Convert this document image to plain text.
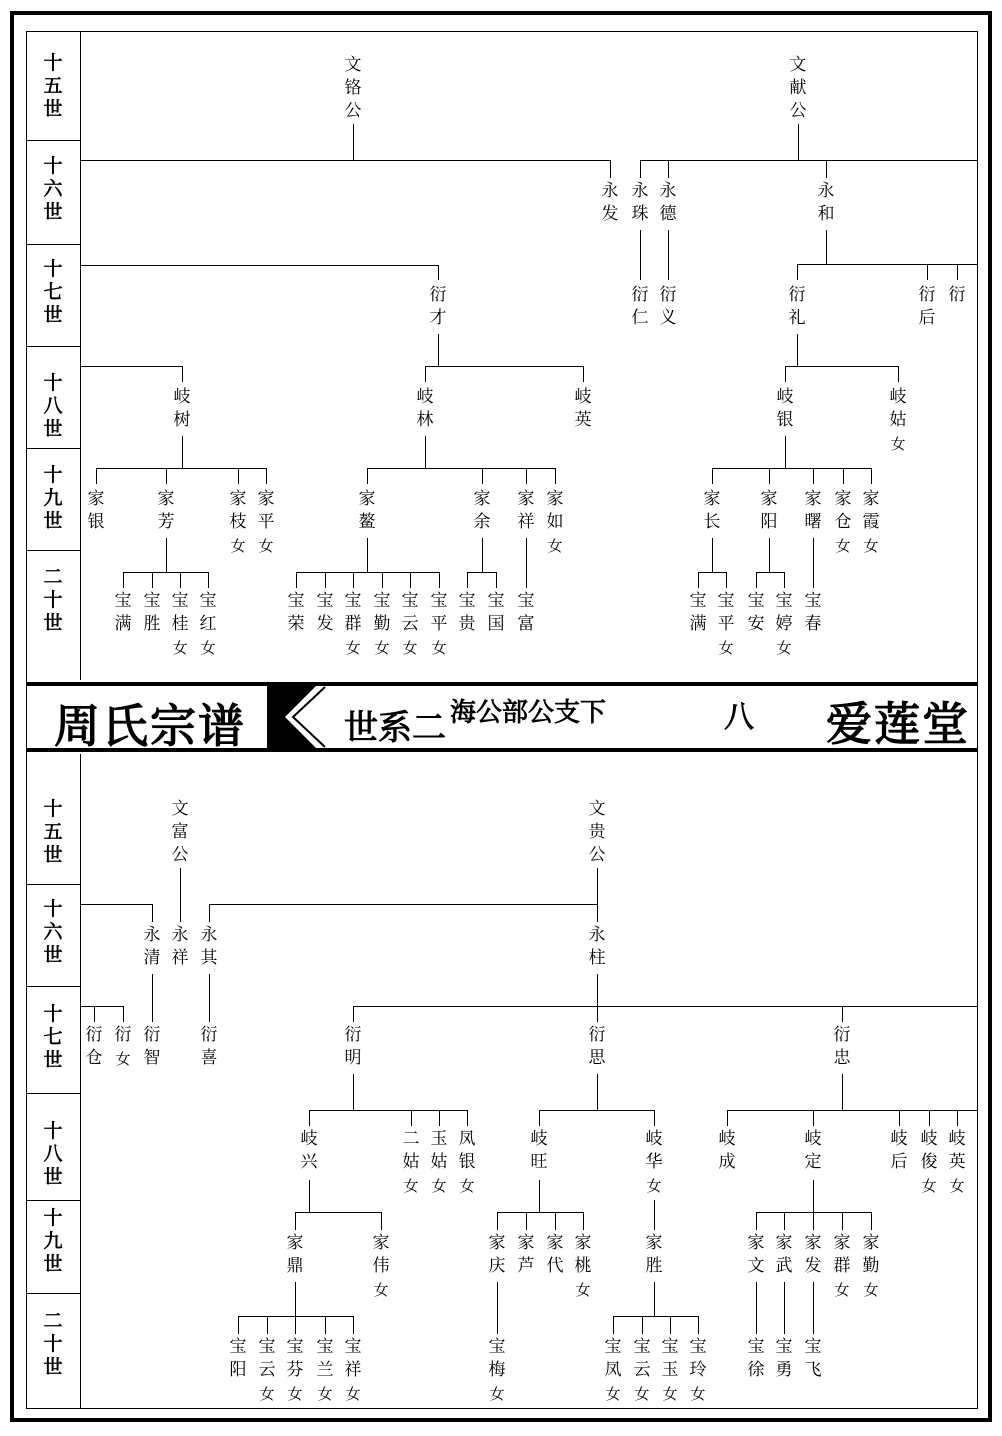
周氏宗谱	世系二 海公部公支下	八 爱莲堂
十
五
世
十
六
世
十
七
世
十
八
世
十
九
世
二
十
世
十
五
世
十
六
世
十
七
世
十
八
世
十
九
世
二
十
世
文
铬
公
文
献
公
永
发
永
珠
永
德
永
和
衍
才
衍
仁
衍
义
衍
礼
衍
后
衍
岐
树
岐
林
岐
英
岐
银
岐
姑
女
家
银
家
芳
家
枝
女
家
平
女
家
鳌
家
余
家
祥
家
如
女
家
长
家
阳
家
曙
家
仓
女
家
霞
女
宝
满
宝
胜
宝
桂
女
宝
红
女
宝
荣
宝
发
宝
群
女
宝
勤
女
宝
云
女
宝
平
女
宝
贵
宝
国
宝
富
宝
满
宝
平
女
宝
安
宝
婷
女
宝
春
文
富
公
文
贵
公
永
清
永
祥
永
其
永
柱
衍
仓
衍
女
衍
智
衍
喜
衍
明
衍
思
衍
忠
岐
兴
二
姑
女
玉
姑
女
凤
银
女
岐
旺
岐
华
女
岐
成
岐
定
岐
后
岐
俊
女
岐
英
女
家
鼎
家
伟
女
家
庆
家
芦
家
代
家
桃
女
家
胜
家
文
家
武
家
发
家
群
女
家
勤
女
宝
阳
宝
云
女
宝
芬
女
宝
兰
女
宝
祥
女
宝
梅
女
宝
凤
女
宝
云
女
宝
玉
女
宝
玲
女
宝
徐
宝
勇
宝
飞
